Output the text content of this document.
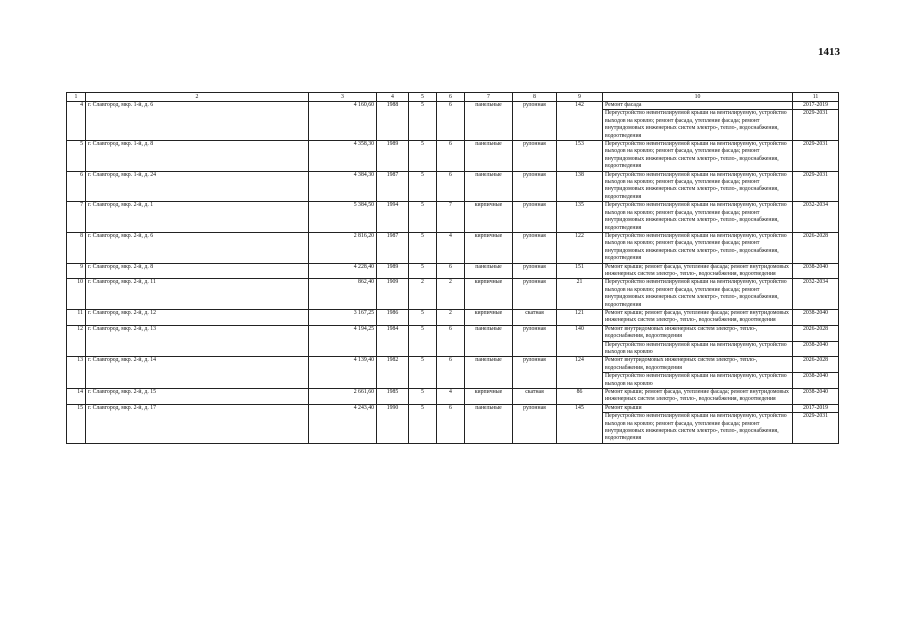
1413
1	2	3	4	5	6	7	8	9	10	11
4	г. Славгород, мкр. 1-й, д. 6	4 160,60	1988	5	6	панельные	рулонная	142	Ремонт фасада	2017-2019
									Переустройство невентилируемой крыши на вентилируемую, устройство выходов на кровлю; ремонт фасада, утепление фасада; ремонт внутридомовых инженерных систем электро-, тепло-, водоснабжения, водоотведения	2029-2031
5	г. Славгород, мкр. 1-й, д. 8	4 358,30	1989	5	6	панельные	рулонная	153	Переустройство невентилируемой крыши на вентилируемую, устройство выходов на кровлю; ремонт фасада, утепление фасада; ремонт внутридомовых инженерных систем электро-, тепло-, водоснабжения, водоотведения	2029-2031
6	г. Славгород, мкр. 1-й, д. 24	4 384,30	1987	5	6	панельные	рулонная	138	Переустройство невентилируемой крыши на вентилируемую, устройство выходов на кровлю; ремонт фасада, утепление фасада; ремонт внутридомовых инженерных систем электро-, тепло-, водоснабжения, водоотведения	2029-2031
7	г. Славгород, мкр. 2-й, д. 1	5 384,50	1994	5	7	кирпичные	рулонная	135	Переустройство невентилируемой крыши на вентилируемую, устройство выходов на кровлю; ремонт фасада, утепление фасада; ремонт внутридомовых инженерных систем электро-, тепло-, водоснабжения, водоотведения	2032-2034
8	г. Славгород, мкр. 2-й, д. 6	2 816,20	1987	5	4	кирпичные	рулонная	122	Переустройство невентилируемой крыши на вентилируемую, устройство выходов на кровлю; ремонт фасада, утепление фасада; ремонт внутридомовых инженерных систем электро-, тепло-, водоснабжения, водоотведения	2026-2028
9	г. Славгород, мкр. 2-й, д. 8	4 228,40	1989	5	6	панельные	рулонная	151	Ремонт крыши; ремонт фасада, утепление фасада; ремонт внутридомовых инженерных систем электро-, тепло-, водоснабжения, водоотведения	2038-2040
10	г. Славгород, мкр. 2-й, д. 11	862,40	1909	2	2	кирпичные	рулонная	21	Переустройство невентилируемой крыши на вентилируемую, устройство выходов на кровлю; ремонт фасада, утепление фасада; ремонт внутридомовых инженерных систем электро-, тепло-, водоснабжения, водоотведения	2032-2034
11	г. Славгород, мкр. 2-й, д. 12	3 167,25	1986	5	2	кирпичные	скатная	121	Ремонт крыши; ремонт фасада, утепление фасада; ремонт внутридомовых инженерных систем электро-, тепло-, водоснабжения, водоотведения	2038-2040
12	г. Славгород, мкр. 2-й, д. 13	4 194,25	1984	5	6	панельные	рулонная	140	Ремонт внутридомовых инженерных систем электро-, тепло-, водоснабжения, водоотведения	2026-2028
									Переустройство невентилируемой крыши на вентилируемую, устройство выходов на кровлю	2038-2040
13	г. Славгород, мкр. 2-й, д. 14	4 139,40	1982	5	6	панельные	рулонная	124	Ремонт внутридомовых инженерных систем электро-, тепло-, водоснабжения, водоотведения	2026-2028
									Переустройство невентилируемой крыши на вентилируемую, устройство выходов на кровлю	2038-2040
14	г. Славгород, мкр. 2-й, д. 15	2 661,60	1985	5	4	кирпичные	скатная	86	Ремонт крыши; ремонт фасада, утепление фасада; ремонт внутридомовых инженерных систем электро-, тепло-, водоснабжения, водоотведения	2038-2040
15	г. Славгород, мкр. 2-й, д. 17	4 243,40	1990	5	6	панельные	рулонная	145	Ремонт крыши	2017-2019
									Переустройство невентилируемой крыши на вентилируемую, устройство выходов на кровлю; ремонт фасада, утепление фасада; ремонт внутридомовых инженерных систем электро-, тепло-, водоснабжения, водоотведения	2029-2031
